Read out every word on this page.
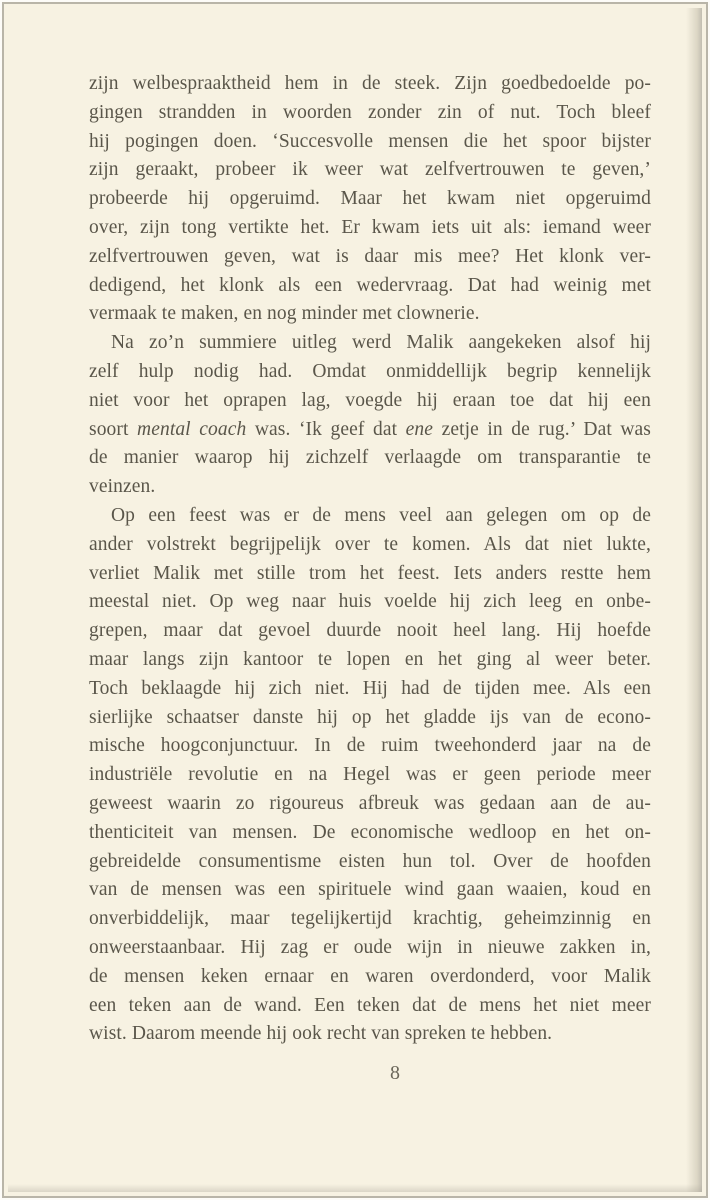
zijn welbespraaktheid hem in de steek. Zijn goedbedoelde po-
gingen strandden in woorden zonder zin of nut. Toch bleef
hij pogingen doen. ‘Succesvolle mensen die het spoor bijster
zijn geraakt, probeer ik weer wat zelfvertrouwen te geven,’
probeerde hij opgeruimd. Maar het kwam niet opgeruimd
over, zijn tong vertikte het. Er kwam iets uit als: iemand weer
zelfvertrouwen geven, wat is daar mis mee? Het klonk ver-
dedigend, het klonk als een wedervraag. Dat had weinig met
vermaak te maken, en nog minder met clownerie.
Na zo’n summiere uitleg werd Malik aangekeken alsof hij
zelf hulp nodig had. Omdat onmiddellijk begrip kennelijk
niet voor het oprapen lag, voegde hij eraan toe dat hij een
soort mental coach was. ‘Ik geef dat ene zetje in de rug.’ Dat was
de manier waarop hij zichzelf verlaagde om transparantie te
veinzen.
Op een feest was er de mens veel aan gelegen om op de
ander volstrekt begrijpelijk over te komen. Als dat niet lukte,
verliet Malik met stille trom het feest. Iets anders restte hem
meestal niet. Op weg naar huis voelde hij zich leeg en onbe-
grepen, maar dat gevoel duurde nooit heel lang. Hij hoefde
maar langs zijn kantoor te lopen en het ging al weer beter.
Toch beklaagde hij zich niet. Hij had de tijden mee. Als een
sierlijke schaatser danste hij op het gladde ijs van de econo-
mische hoogconjunctuur. In de ruim tweehonderd jaar na de
industriële revolutie en na Hegel was er geen periode meer
geweest waarin zo rigoureus afbreuk was gedaan aan de au-
thenticiteit van mensen. De economische wedloop en het on-
gebreidelde consumentisme eisten hun tol. Over de hoofden
van de mensen was een spirituele wind gaan waaien, koud en
onverbiddelijk, maar tegelijkertijd krachtig, geheimzinnig en
onweerstaanbaar. Hij zag er oude wijn in nieuwe zakken in,
de mensen keken ernaar en waren overdonderd, voor Malik
een teken aan de wand. Een teken dat de mens het niet meer
wist. Daarom meende hij ook recht van spreken te hebben.
8
